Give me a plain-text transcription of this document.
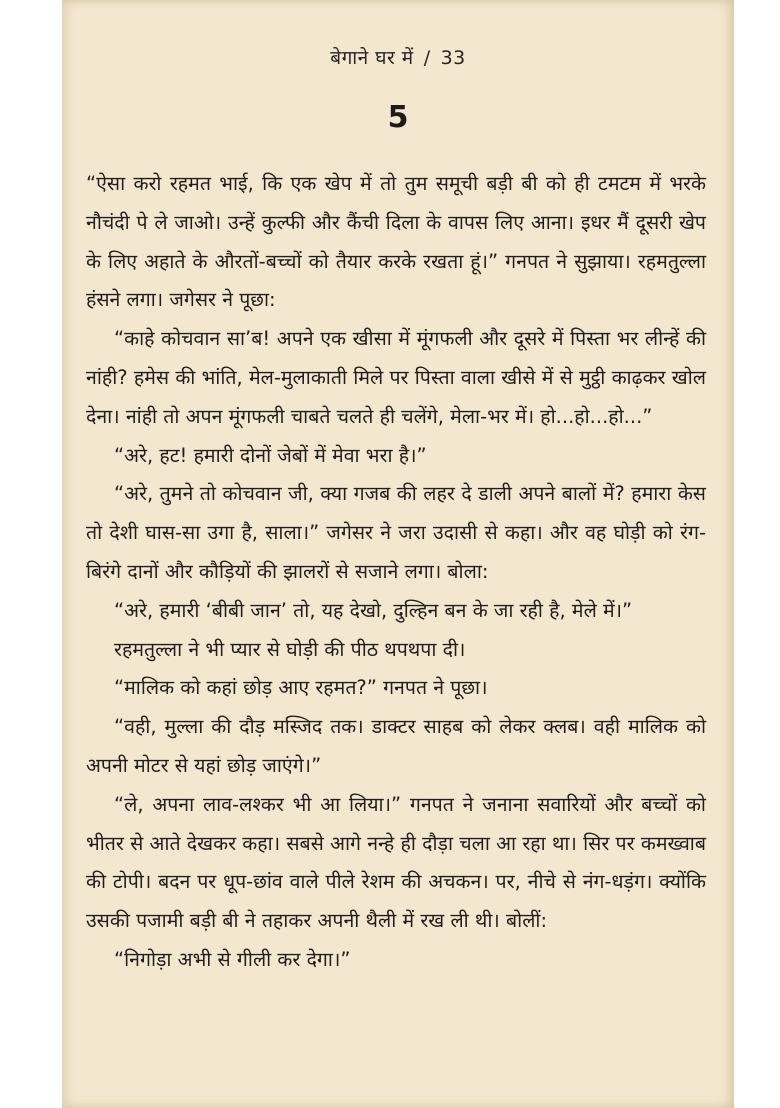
बेगाने घर में / 33
5

“ऐसा करो रहमत भाई, कि एक खेप में तो तुम समूची बड़ी बी को ही टमटम में भरके नौचंदी पे ले जाओ। उन्हें कुल्फी और कैंची दिला के वापस लिए आना। इधर मैं दूसरी खेप के लिए अहाते के औरतों-बच्चों को तैयार करके रखता हूं।” गनपत ने सुझाया। रहमतुल्ला हंसने लगा। जगेसर ने पूछा:

“काहे कोचवान सा’ब! अपने एक खीसा में मूंगफली और दूसरे में पिस्ता भर लीन्हें की नांही? हमेस की भांति, मेल-मुलाकाती मिले पर पिस्ता वाला खीसे में से मुट्ठी काढ़कर खोल देना। नांही तो अपन मूंगफली चाबते चलते ही चलेंगे, मेला-भर में। हो...हो...हो...”

“अरे, हट! हमारी दोनों जेबों में मेवा भरा है।”

“अरे, तुमने तो कोचवान जी, क्या गजब की लहर दे डाली अपने बालों में? हमारा केस तो देशी घास-सा उगा है, साला।” जगेसर ने जरा उदासी से कहा। और वह घोड़ी को रंग-बिरंगे दानों और कौड़ियों की झालरों से सजाने लगा। बोला:

“अरे, हमारी ‘बीबी जान’ तो, यह देखो, दुल्हिन बन के जा रही है, मेले में।”

रहमतुल्ला ने भी प्यार से घोड़ी की पीठ थपथपा दी।

“मालिक को कहां छोड़ आए रहमत?” गनपत ने पूछा।

“वही, मुल्ला की दौड़ मस्जिद तक। डाक्टर साहब को लेकर क्लब। वही मालिक को अपनी मोटर से यहां छोड़ जाएंगे।”

“ले, अपना लाव-लश्कर भी आ लिया।” गनपत ने जनाना सवारियों और बच्चों को भीतर से आते देखकर कहा। सबसे आगे नन्हे ही दौड़ा चला आ रहा था। सिर पर कमख्वाब की टोपी। बदन पर धूप-छांव वाले पीले रेशम की अचकन। पर, नीचे से नंग-धड़ंग। क्योंकि उसकी पजामी बड़ी बी ने तहाकर अपनी थैली में रख ली थी। बोलीं:

“निगोड़ा अभी से गीली कर देगा।”
